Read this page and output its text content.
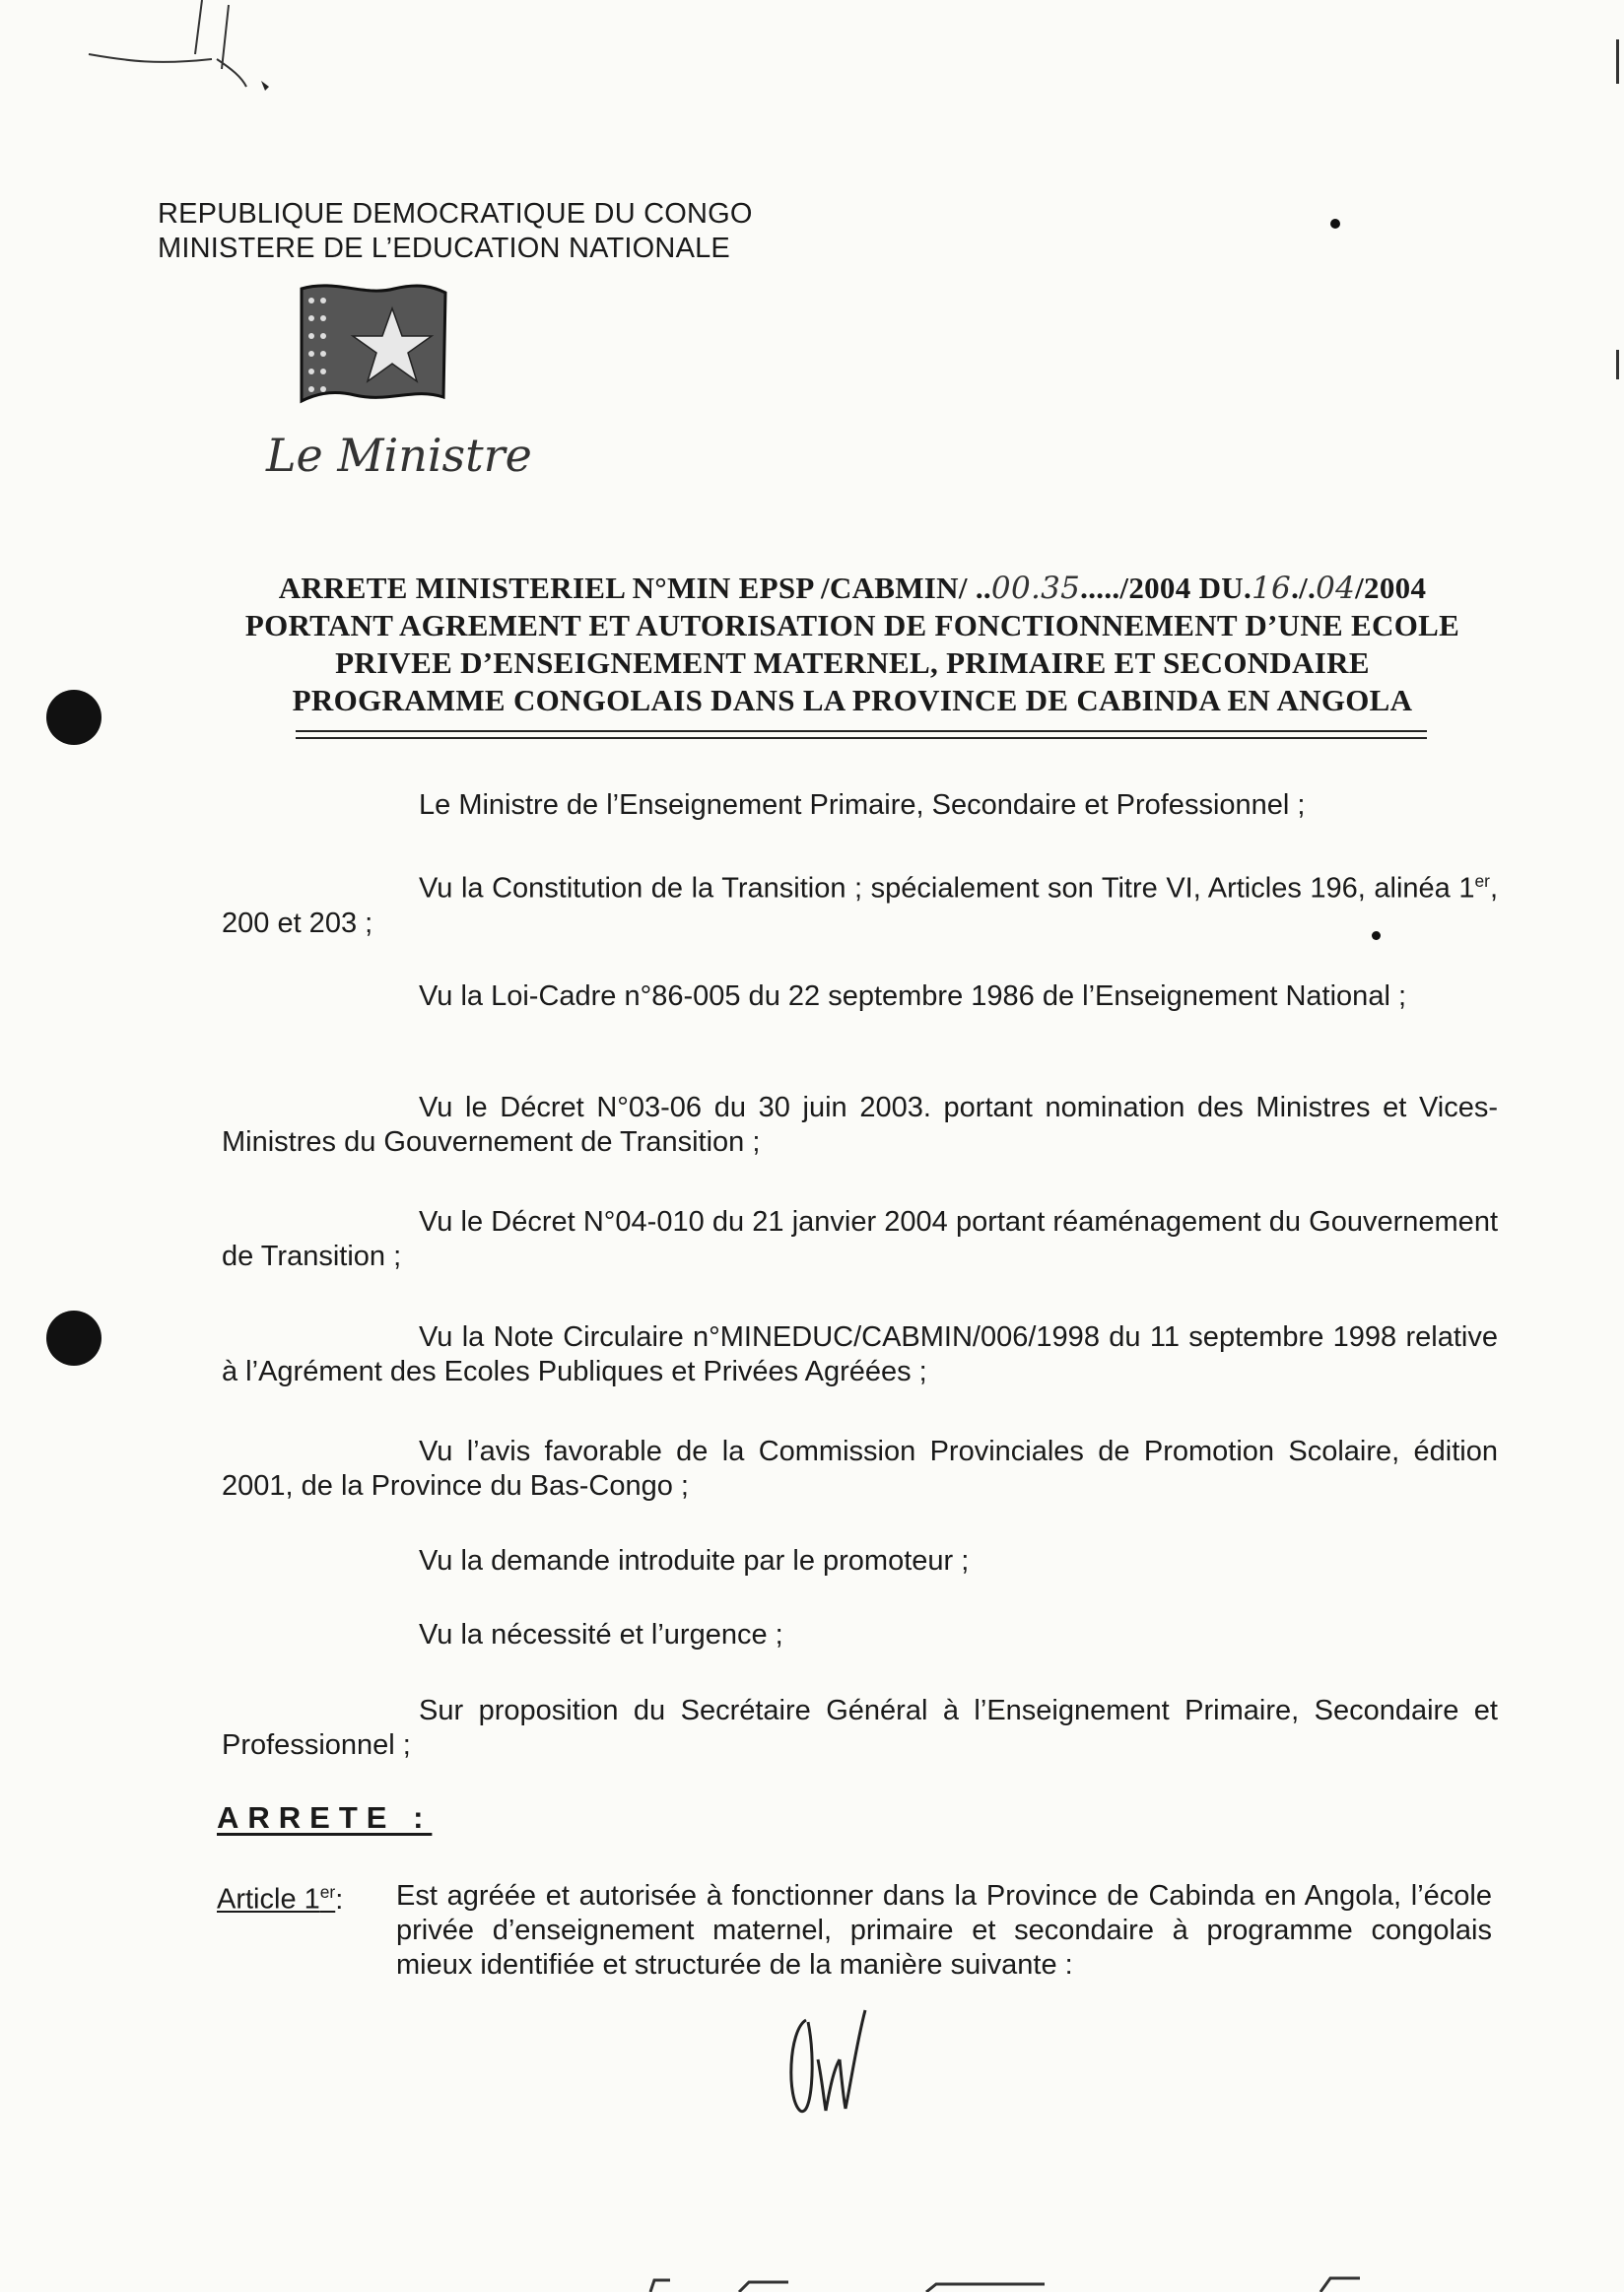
REPUBLIQUE DEMOCRATIQUE DU CONGO
MINISTERE DE L’EDUCATION NATIONALE
Le Ministre
ARRETE MINISTERIEL N°MIN EPSP /CABMIN/ ..00.35...../2004 DU.16./.04/2004
PORTANT AGREMENT ET AUTORISATION DE FONCTIONNEMENT D’UNE ECOLE
PRIVEE D’ENSEIGNEMENT MATERNEL, PRIMAIRE ET SECONDAIRE
PROGRAMME CONGOLAIS DANS LA PROVINCE DE CABINDA EN ANGOLA
Le Ministre de l’Enseignement Primaire, Secondaire et Professionnel ;
Vu la Constitution de la Transition ; spécialement son Titre VI, Articles 196, alinéa 1er, 200 et 203 ;
Vu la Loi-Cadre n°86-005 du 22 septembre 1986 de l’Enseignement National ;
Vu le Décret N°03-06 du 30 juin 2003. portant nomination des Ministres et Vices-Ministres du Gouvernement de Transition ;
Vu le Décret N°04-010 du 21 janvier 2004 portant réaménagement du Gouvernement de Transition ;
Vu la Note Circulaire n°MINEDUC/CABMIN/006/1998 du 11 septembre 1998 relative à l’Agrément des Ecoles Publiques et Privées Agréées ;
Vu l’avis favorable de la Commission Provinciales de Promotion Scolaire, édition 2001, de la Province du Bas-Congo ;
Vu la demande introduite par le promoteur ;
Vu la nécessité et l’urgence ;
Sur proposition du Secrétaire Général à l’Enseignement Primaire, Secondaire et Professionnel ;
ARRETE :
Article 1er: Est agréée et autorisée à fonctionner dans la Province de Cabinda en Angola, l’école privée d’enseignement maternel, primaire et secondaire à programme congolais mieux identifiée et structurée de la manière suivante :
